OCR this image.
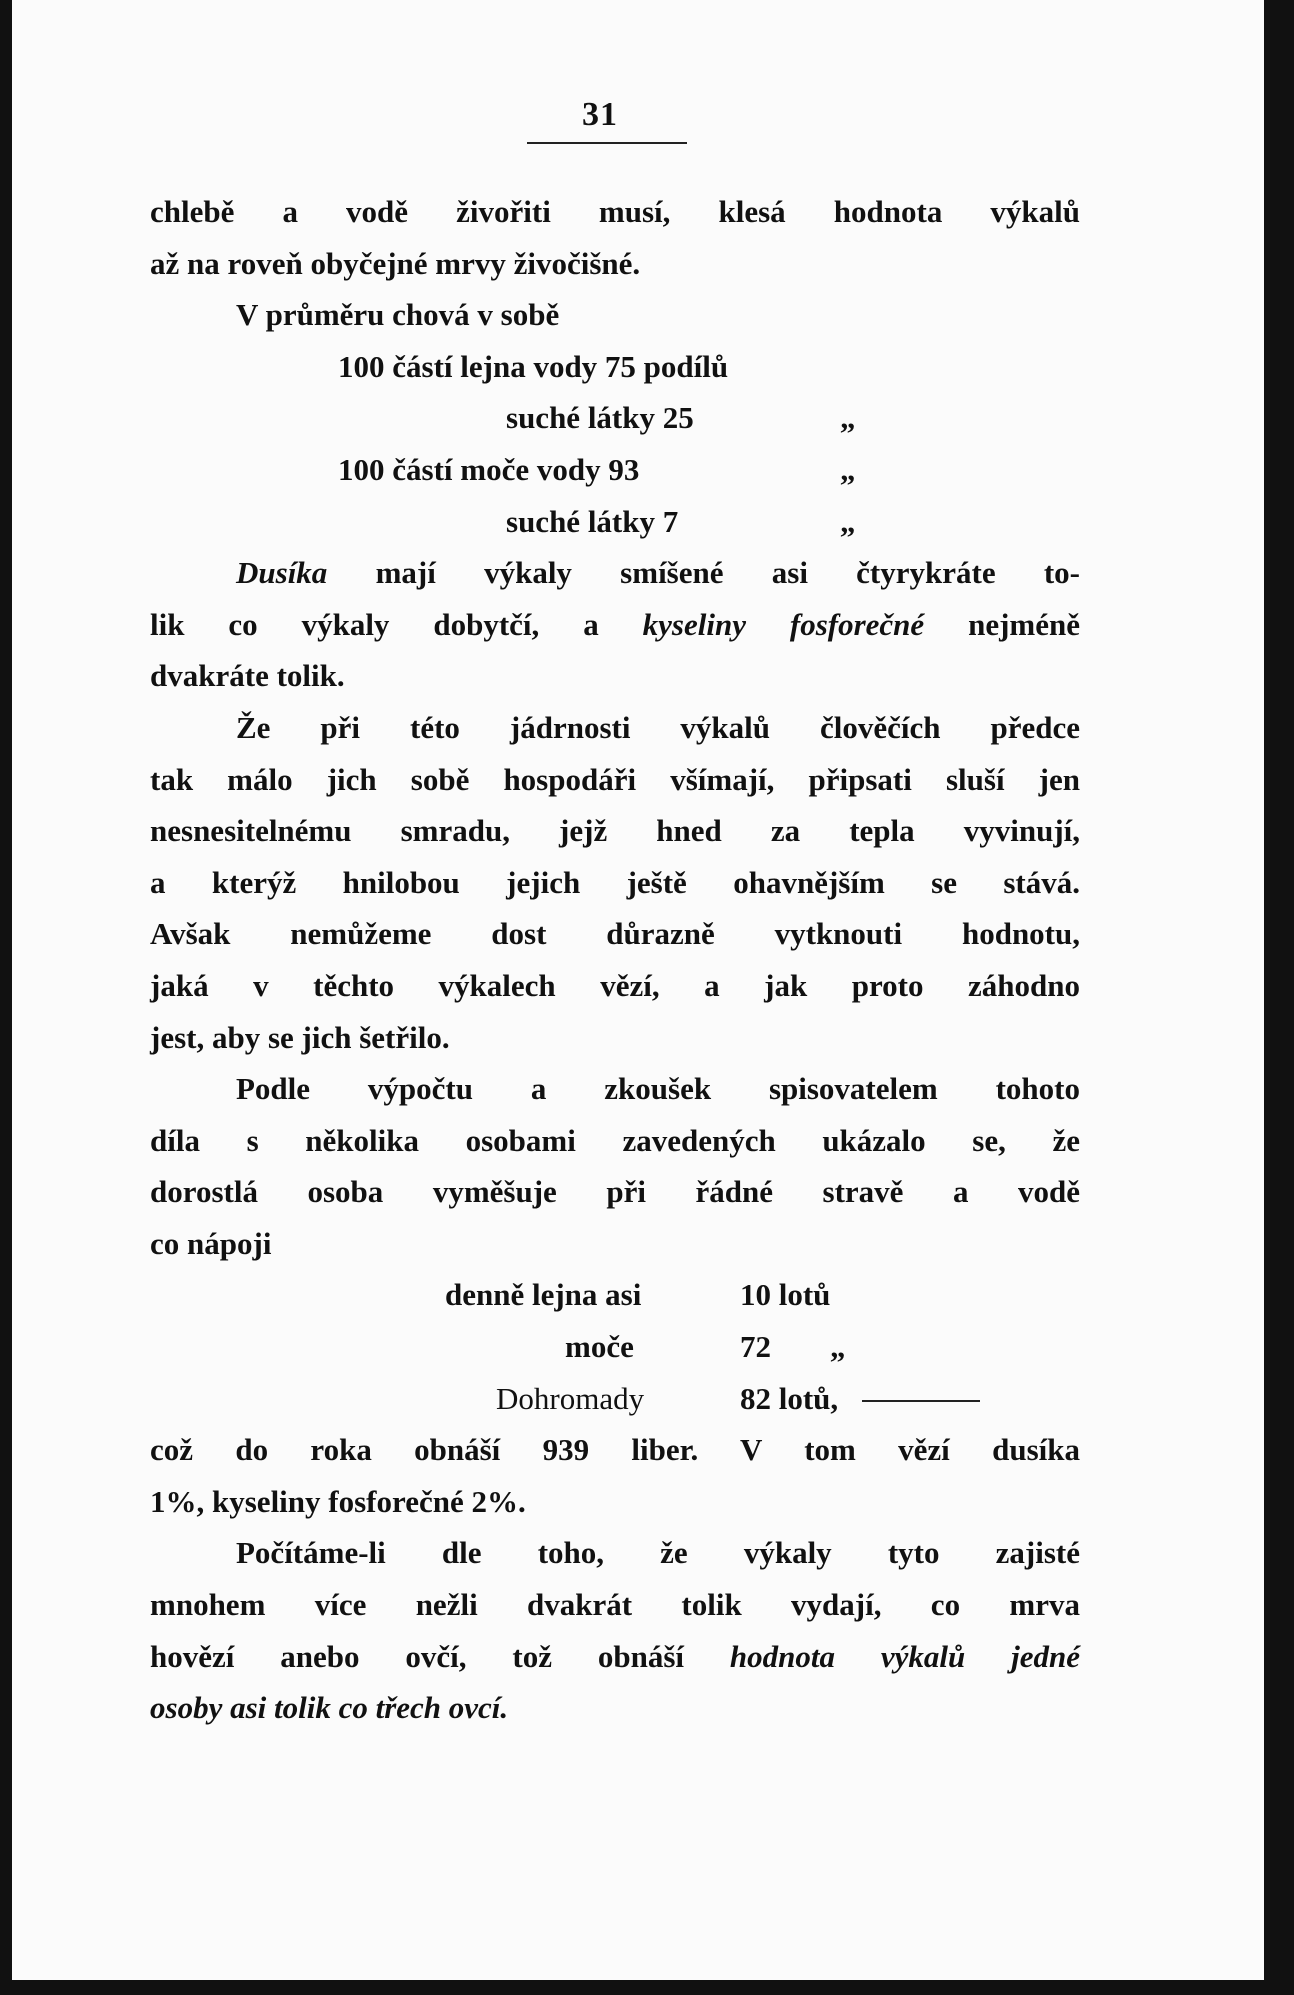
31
chlebě a vodě živořiti musí, klesá hodnota výkalů
až na roveň obyčejné mrvy živočišné.
V průměru chová v sobě
100 částí lejna vody 75 podílů
suché látky 25	„
100 částí moče vody 93	„
suché látky 7	„
Dusíka mají výkaly smíšené asi čtyrykráte to-
lik co výkaly dobytčí, a kyseliny fosforečné nejméně
dvakráte tolik.
Že při této jádrnosti výkalů člověčích předce
tak málo jich sobě hospodáři všímají, připsati sluší jen
nesnesitelnému smradu, jejž hned za tepla vyvinují,
a kterýž hnilobou jejich ještě ohavnějším se stává.
Avšak nemůžeme dost důrazně vytknouti hodnotu,
jaká v těchto výkalech vězí, a jak proto záhodno
jest, aby se jich šetřilo.
Podle výpočtu a zkoušek spisovatelem tohoto
díla s několika osobami zavedených ukázalo se, že
dorostlá osoba vyměšuje při řádné stravě a vodě
co nápoji
denně lejna asi	10 lotů
moče	72 „
Dohromady	82 lotů,
což do roka obnáší 939 liber. V tom vězí dusíka
1%, kyseliny fosforečné 2%.
Počítáme-li dle toho, že výkaly tyto zajisté
mnohem více nežli dvakrát tolik vydají, co mrva
hovězí anebo ovčí, tož obnáší hodnota výkalů jedné
osoby asi tolik co třech ovcí.
